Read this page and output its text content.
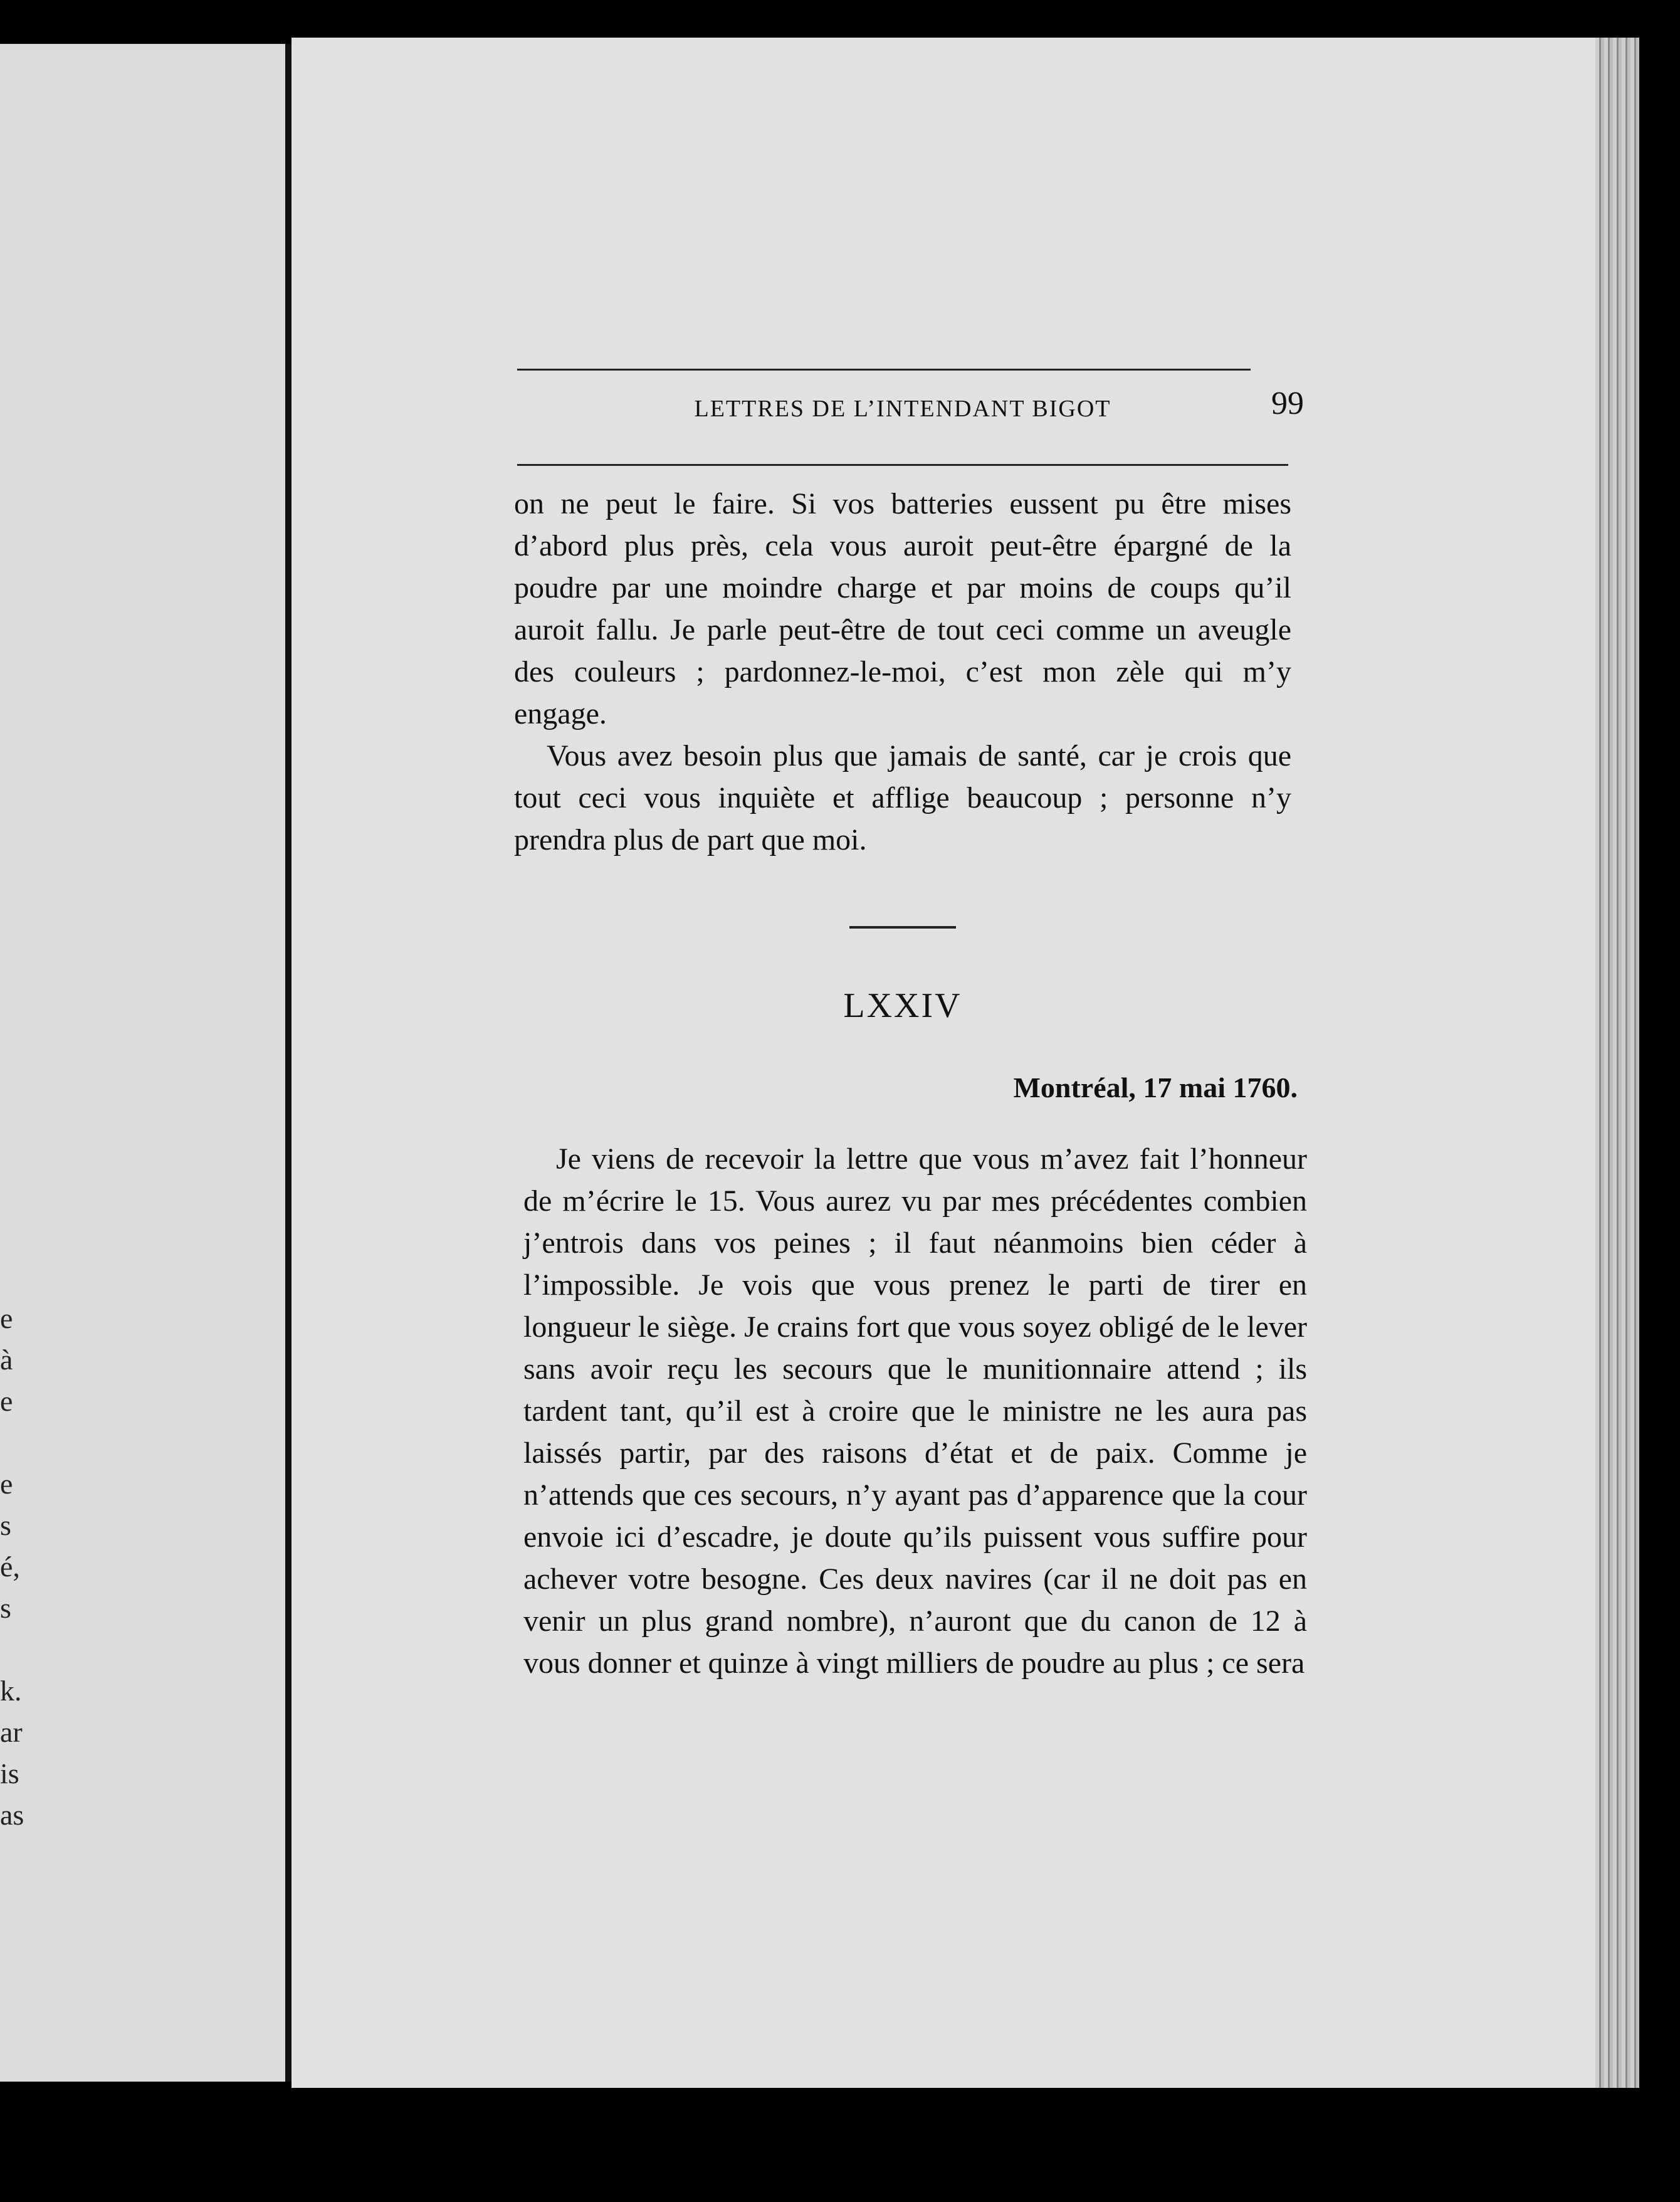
e
à
e
e
s
é,
s
k.
ar
is
as
LETTRES DE L’INTENDANT BIGOT	99

on ne peut le faire. Si vos batteries eussent pu être mises d’abord plus près, cela vous auroit peut-être épargné de la poudre par une moindre charge et par moins de coups qu’il auroit fallu. Je parle peut-être de tout ceci comme un aveugle des couleurs ; pardonnez-le-moi, c’est mon zèle qui m’y engage.

Vous avez besoin plus que jamais de santé, car je crois que tout ceci vous inquiète et afflige beaucoup ; personne n’y prendra plus de part que moi.

LXXIV
Montréal, 17 mai 1760.

Je viens de recevoir la lettre que vous m’avez fait l’honneur de m’écrire le 15. Vous aurez vu par mes précédentes combien j’entrois dans vos peines ; il faut néanmoins bien céder à l’impossible. Je vois que vous prenez le parti de tirer en longueur le siège. Je crains fort que vous soyez obligé de le lever sans avoir reçu les secours que le munitionnaire attend ; ils tardent tant, qu’il est à croire que le ministre ne les aura pas laissés partir, par des raisons d’état et de paix. Comme je n’attends que ces secours, n’y ayant pas d’apparence que la cour envoie ici d’escadre, je doute qu’ils puissent vous suffire pour achever votre besogne. Ces deux navires (car il ne doit pas en venir un plus grand nombre), n’auront que du canon de 12 à vous donner et quinze à vingt milliers de poudre au plus ; ce sera
